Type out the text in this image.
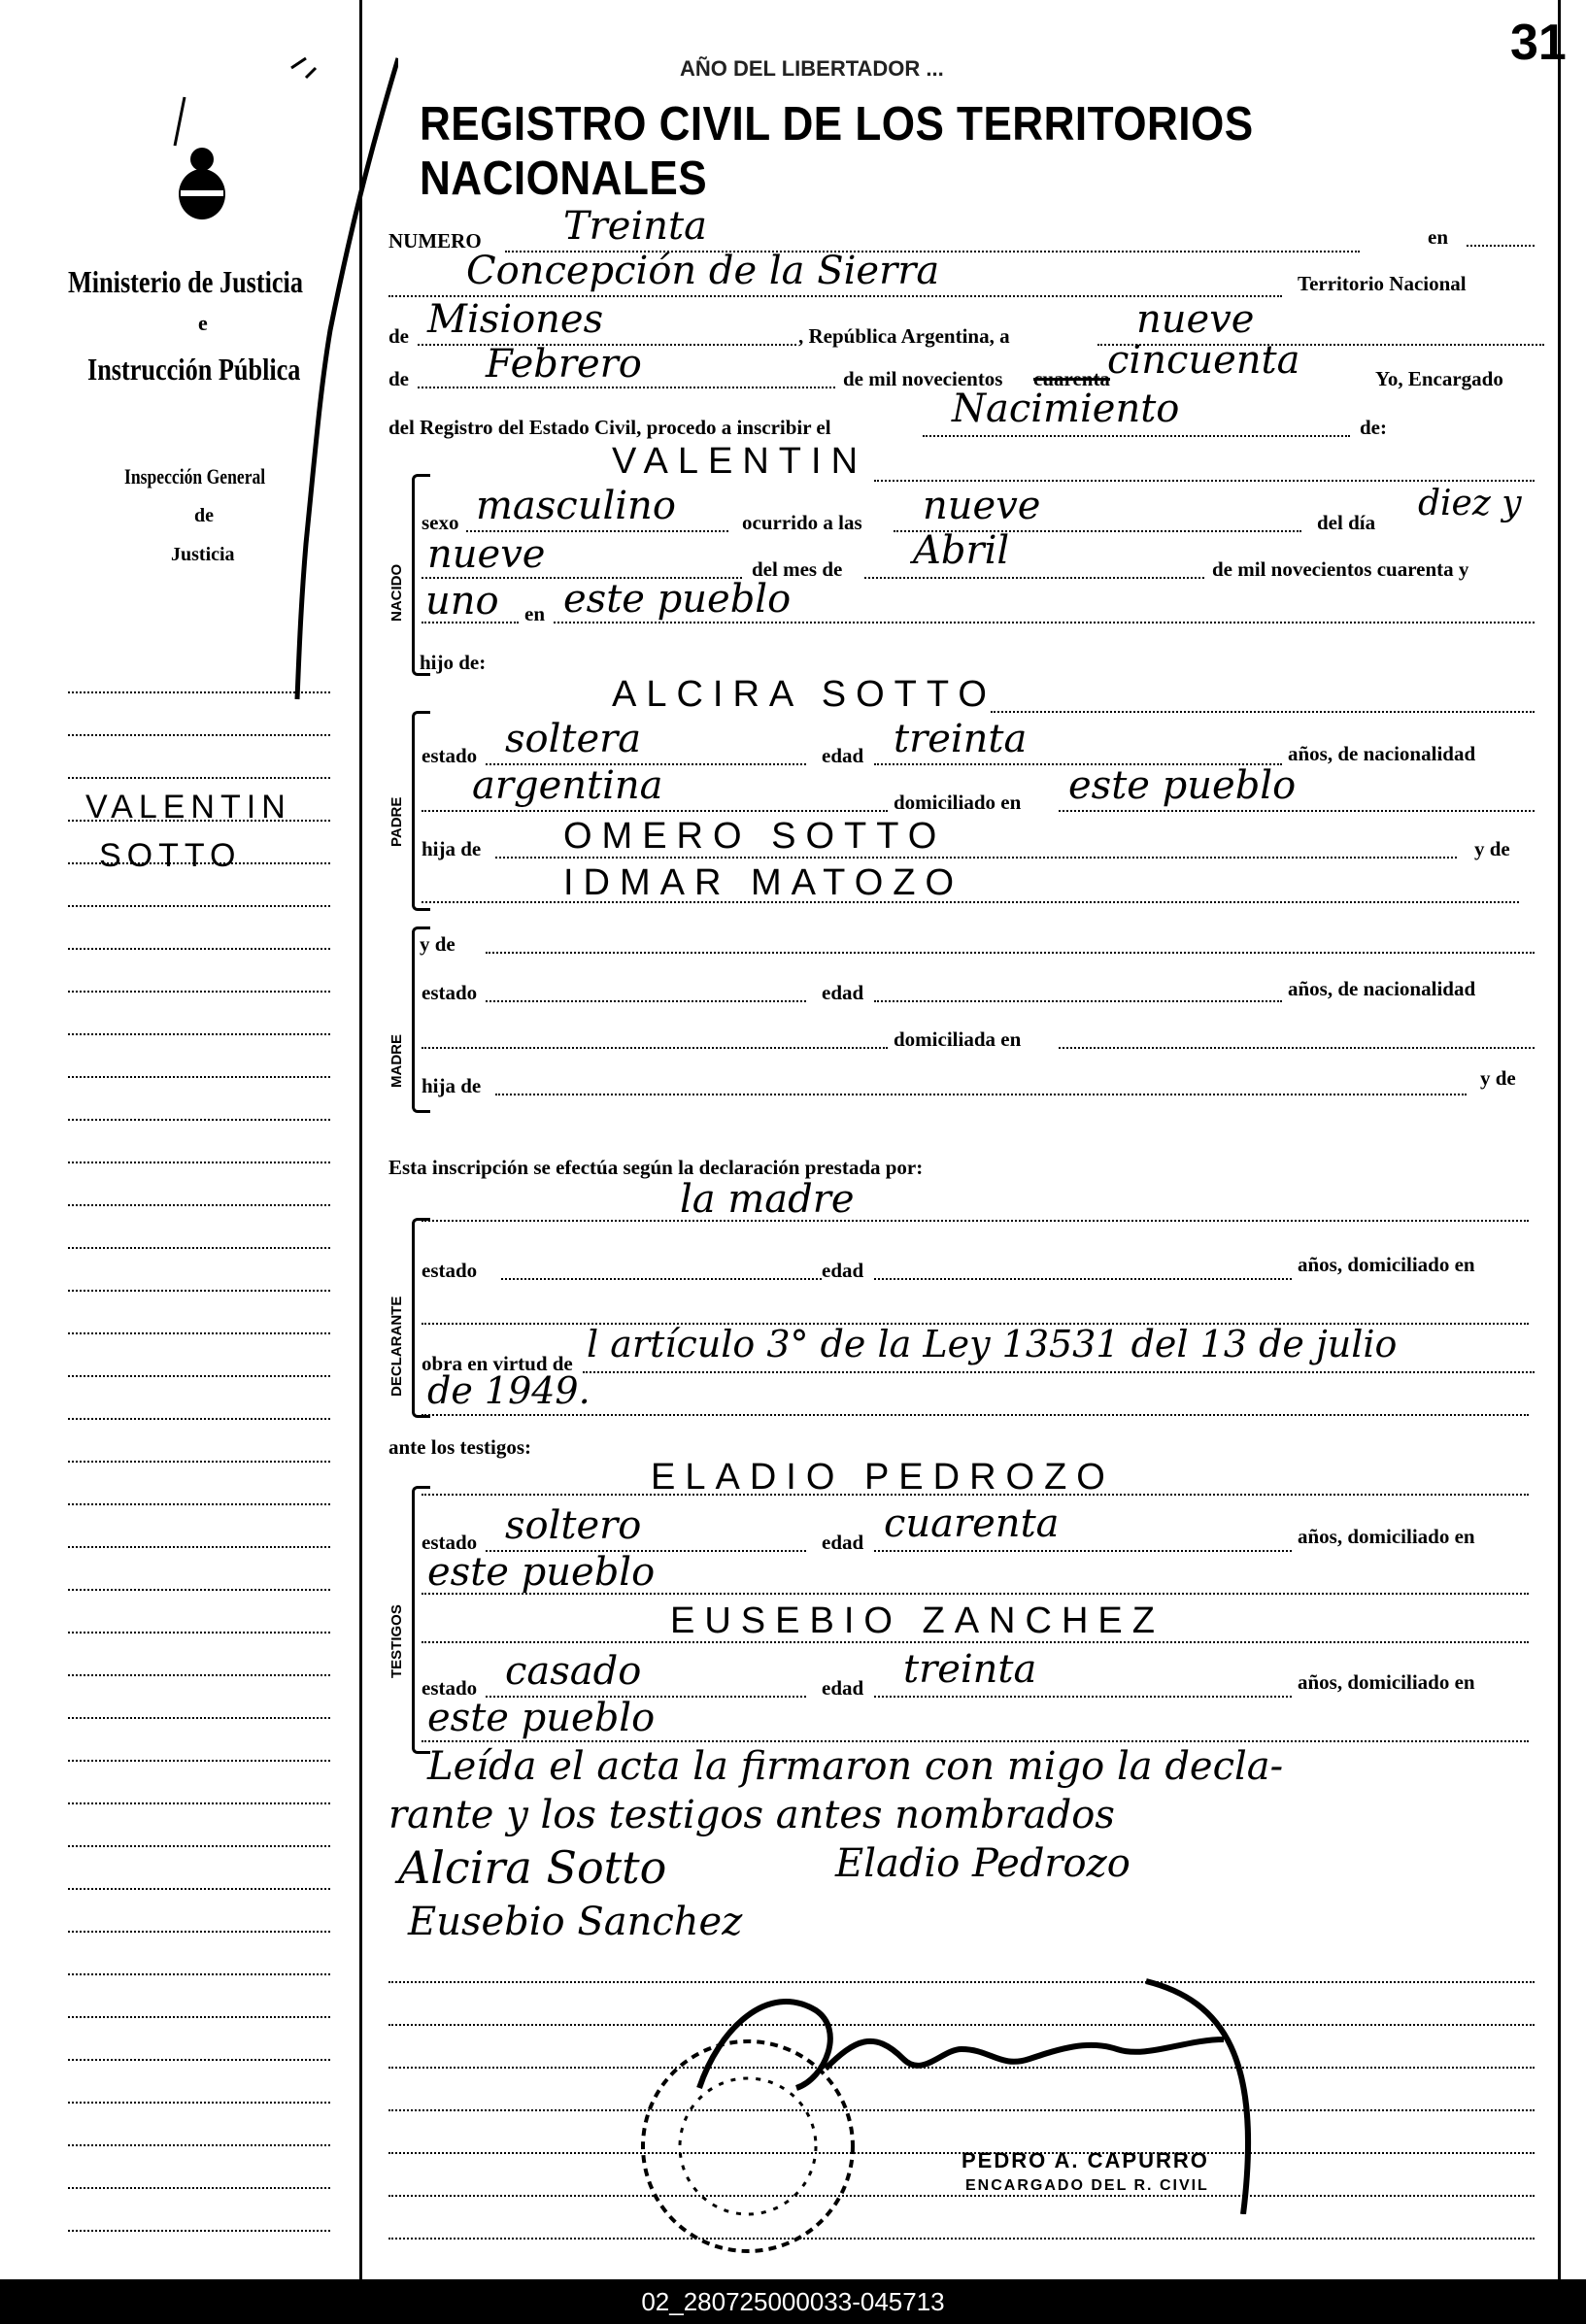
31
AÑO DEL LIBERTADOR ...
REGISTRO CIVIL DE LOS TERRITORIOS NACIONALES
Ministerio de Justicia
e
Instrucción Pública
Inspección General
de
Justicia
VALENTIN
SOTTO
NUMERO Treinta	en
Concepción de la Sierra	Territorio Nacional
de Misiones	, República Argentina, a	nueve
de Febrero	de mil novecientos cuarenta
cincuenta	Yo, Encargado
del Registro del Estado Civil, procedo a inscribir el	Nacimiento	de:
VALENTIN
NACIDO
sexo masculino	ocurrido a las nueve	del día diez y
nueve	del mes de Abril	de mil novecientos cuarenta y
uno en este pueblo
hijo de:
ALCIRA SOTTO
PADRE
estado soltera	edad treinta	años, de nacionalidad
argentina	domiciliado en este pueblo
hija de OMERO SOTTO	y de
IDMAR MATOZO
MADRE
y de
estado	edad	años, de nacionalidad
domiciliada en
hija de	y de
Esta inscripción se efectúa según la declaración prestada por:
la madre
DECLARANTE
estado	edad	años, domiciliado en
obra en virtud de l artículo 3° de la Ley 13531 del 13 de julio
de 1949.
ante los testigos:
ELADIO PEDROZO
TESTIGOS
estado soltero	edad cuarenta	años, domiciliado en
este pueblo
EUSEBIO ZANCHEZ
estado casado	edad treinta	años, domiciliado en
este pueblo
Leída el acta la firmaron con migo la decla-
rante y los testigos antes nombrados
Alcira Sotto	Eladio Pedrozo
Eusebio Sanchez
PEDRO A. CAPURRO
ENCARGADO DEL R. CIVIL
02_280725000033-045713
